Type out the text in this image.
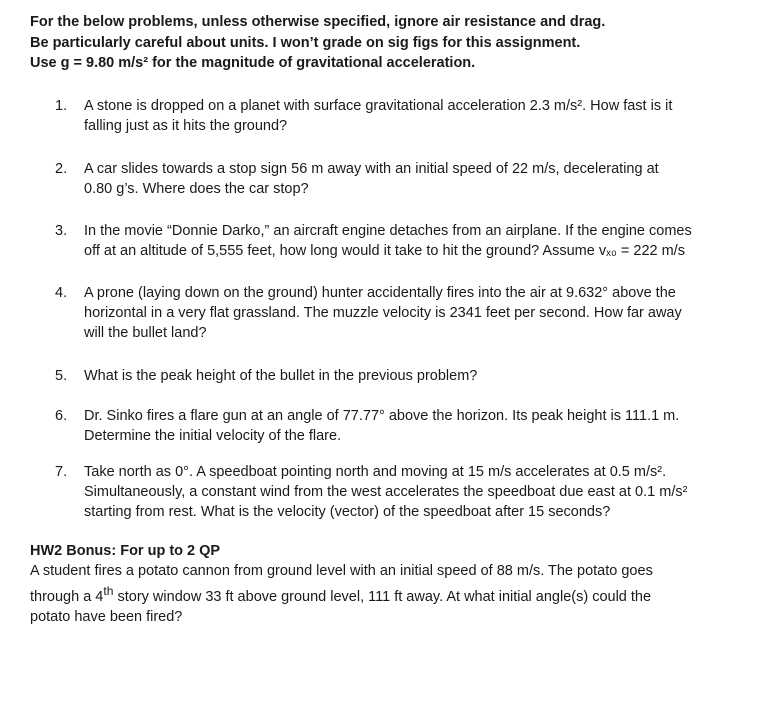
For the below problems, unless otherwise specified, ignore air resistance and drag.

Be particularly careful about units. I won’t grade on sig figs for this assignment.

Use g = 9.80 m/s² for the magnitude of gravitational acceleration.

1.	A stone is dropped on a planet with surface gravitational acceleration 2.3 m/s². How fast is it
falling just as it hits the ground?
2.	A car slides towards a stop sign 56 m away with an initial speed of 22 m/s, decelerating at
0.80 g’s. Where does the car stop?
3.	In the movie “Donnie Darko,” an aircraft engine detaches from an airplane. If the engine comes
off at an altitude of 5,555 feet, how long would it take to hit the ground? Assume vₓ₀ = 222 m/s
4.	A prone (laying down on the ground) hunter accidentally fires into the air at 9.632° above the
horizontal in a very flat grassland. The muzzle velocity is 2341 feet per second. How far away
will the bullet land?
5.	What is the peak height of the bullet in the previous problem?
6.	Dr. Sinko fires a flare gun at an angle of 77.77° above the horizon. Its peak height is 111.1 m.
Determine the initial velocity of the flare.
7.	Take north as 0°. A speedboat pointing north and moving at 15 m/s accelerates at 0.5 m/s².
Simultaneously, a constant wind from the west accelerates the speedboat due east at 0.1 m/s²
starting from rest. What is the velocity (vector) of the speedboat after 15 seconds?
HW2 Bonus: For up to 2 QP

A student fires a potato cannon from ground level with an initial speed of 88 m/s. The potato goes
through a 4th story window 33 ft above ground level, 111 ft away. At what initial angle(s) could the
potato have been fired?
